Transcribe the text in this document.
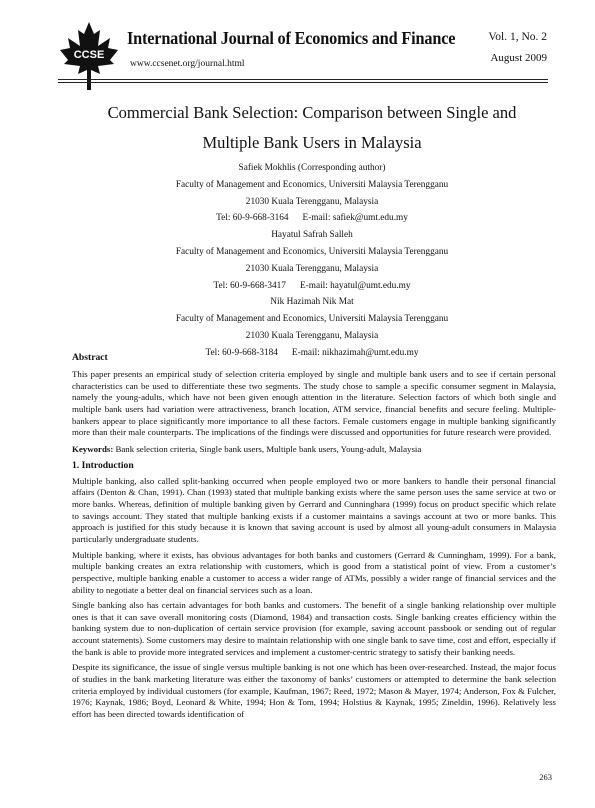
CCSE
International Journal of Economics and Finance
www.ccsenet.org/journal.html
Vol. 1, No. 2
August 2009
Commercial Bank Selection: Comparison between Single and
Multiple Bank Users in Malaysia
Safiek Mokhlis (Corresponding author)
Faculty of Management and Economics, Universiti Malaysia Terengganu
21030 Kuala Terengganu, Malaysia
Tel: 60-9-668-3164 E-mail: safiek@umt.edu.my
Hayatul Safrah Salleh
Faculty of Management and Economics, Universiti Malaysia Terengganu
21030 Kuala Terengganu, Malaysia
Tel: 60-9-668-3417 E-mail: hayatul@umt.edu.my
Nik Hazimah Nik Mat
Faculty of Management and Economics, Universiti Malaysia Terengganu
21030 Kuala Terengganu, Malaysia
Tel: 60-9-668-3184 E-mail: nikhazimah@umt.edu.my
Abstract

This paper presents an empirical study of selection criteria employed by single and multiple bank users and to see if certain personal characteristics can be used to differentiate these two segments. The study chose to sample a specific consumer segment in Malaysia, namely the young-adults, which have not been given enough attention in the literature. Selection factors of which both single and multiple bank users had variation were attractiveness, branch location, ATM service, financial benefits and secure feeling. Multiple-bankers appear to place significantly more importance to all these factors. Female customers engage in multiple banking significantly more than their male counterparts. The implications of the findings were discussed and opportunities for future research were provided.

Keywords: Bank selection criteria, Single bank users, Multiple bank users, Young-adult, Malaysia

1. Introduction

Multiple banking, also called split-banking occurred when people employed two or more bankers to handle their personal financial affairs (Denton & Chan, 1991). Chan (1993) stated that multiple banking exists where the same person uses the same service at two or more banks. Whereas, definition of multiple banking given by Gerrard and Cunninghara (1999) focus on product specific which relate to savings account. They stated that multiple banking exists if a customer maintains a savings account at two or more banks. This approach is justified for this study because it is known that saving account is used by almost all young-adult consumers in Malaysia particularly undergraduate students.

Multiple banking, where it exists, has obvious advantages for both banks and customers (Gerrard & Cunningham, 1999). For a bank, multiple banking creates an extra relationship with customers, which is good from a statistical point of view. From a customer’s perspective, multiple banking enable a customer to access a wider range of ATMs, possibly a wider range of financial services and the ability to negotiate a better deal on financial services such as a loan.

Single banking also has certain advantages for both banks and customers. The benefit of a single banking relationship over multiple ones is that it can save overall monitoring costs (Diamond, 1984) and transaction costs. Single banking creates efficiency within the banking system due to non-duplication of certain service provision (for example, saving account passbook or sending out of regular account statements). Some customers may desire to maintain relationship with one single bank to save time, cost and effort, especially if the bank is able to provide more integrated services and implement a customer-centric strategy to satisfy their banking needs.

Despite its significance, the issue of single versus multiple banking is not one which has been over-researched. Instead, the major focus of studies in the bank marketing literature was either the taxonomy of banks’ customers or attempted to determine the bank selection criteria employed by individual customers (for example, Kaufman, 1967; Reed, 1972; Mason & Mayer, 1974; Anderson, Fox & Fulcher, 1976; Kaynak, 1986; Boyd, Leonard & White, 1994; Hon & Tom, 1994; Holstius & Kaynak, 1995; Zineldin, 1996). Relatively less effort has been directed towards identification of

263
